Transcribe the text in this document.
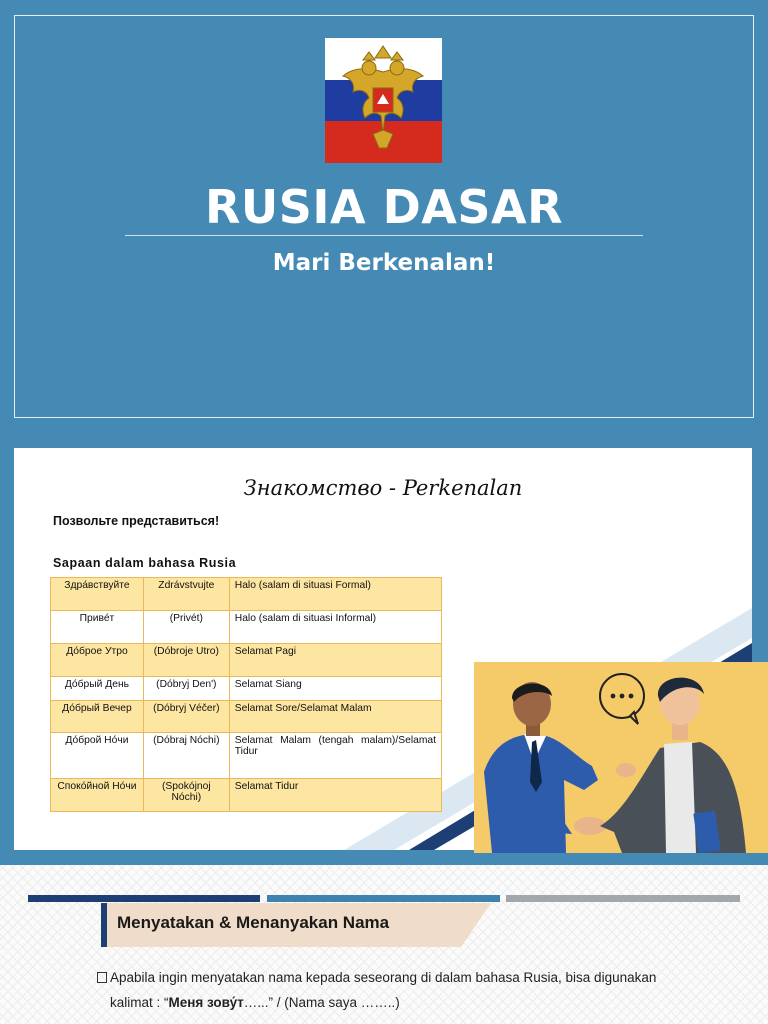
RUSIA DASAR
Mari Berkenalan!
Знакомство - Perkenalan
Позвольте представиться!
Sapaan dalam bahasa Rusia
Здра́вствуйте	Zdrávstvujte	Halo (salam di situasi Formal)
Приве́т	(Privét)	Halo (salam di situasi Informal)
До́брое Утро	(Dóbroje Utro)	Selamat Pagi
До́брый День	(Dóbryj Den')	Selamat Siang
До́брый Вечер	(Dóbryj Véčer)	Selamat Sore/Selamat Malam
До́брой Но́чи	(Dóbraj Nóchi)	Selamat Malam (tengah malam)/Selamat Tidur
Споко́йной Но́чи	(Spokójnoj Nóchi)	Selamat Tidur
Menyatakan & Menanyakan Nama
Apabila ingin menyatakan nama kepada seseorang di dalam bahasa Rusia, bisa digunakan
kalimat : “Меня зову́т…...” / (Nama saya ……..)
